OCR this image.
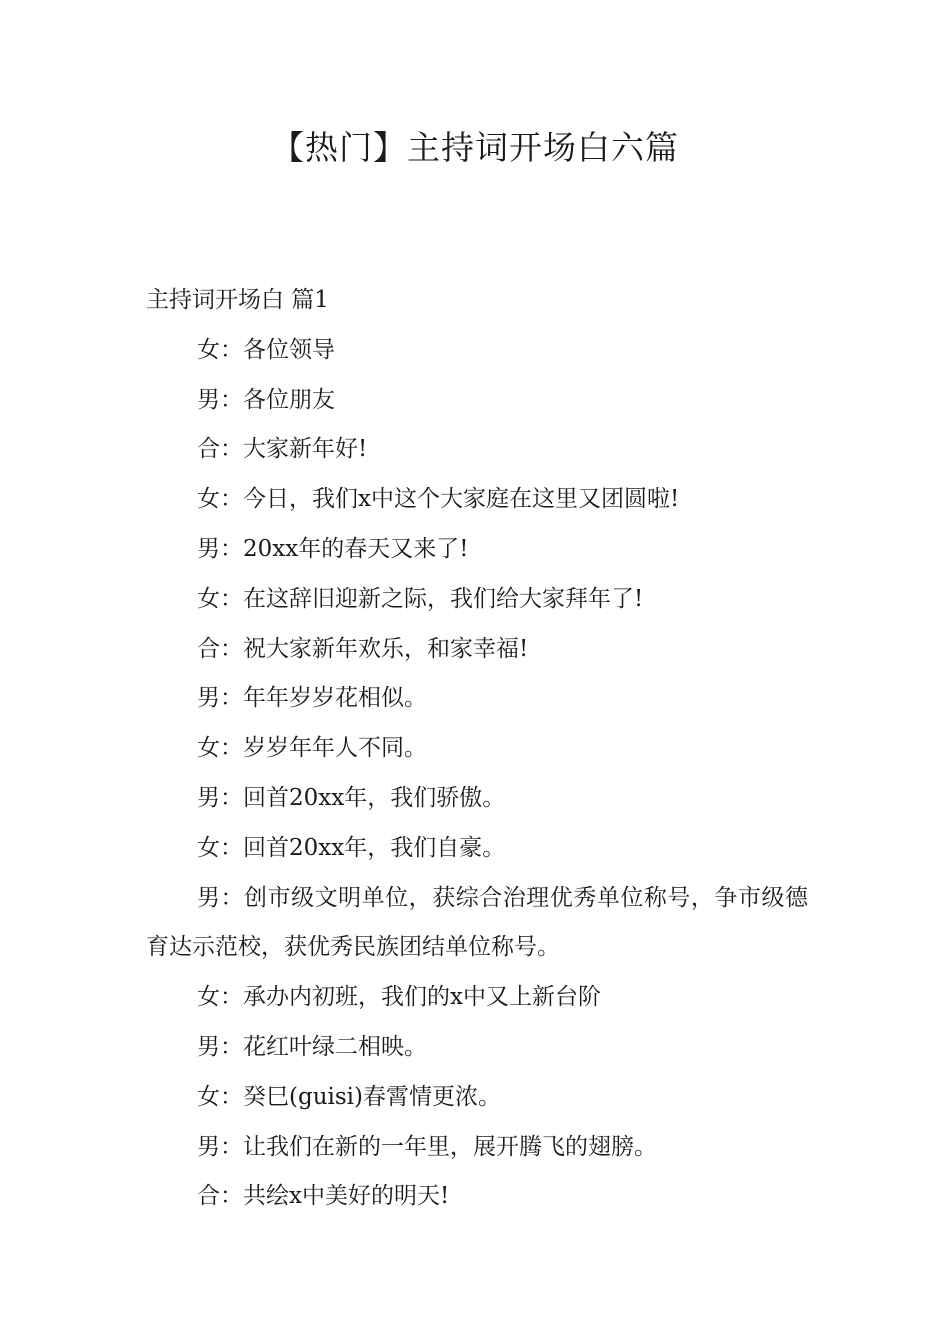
【热门】主持词开场白六篇
主持词开场白 篇1

女：各位领导

男：各位朋友

合：大家新年好!

女：今日，我们x中这个大家庭在这里又团圆啦!

男：20xx年的春天又来了!

女：在这辞旧迎新之际，我们给大家拜年了!

合：祝大家新年欢乐，和家幸福!

男：年年岁岁花相似。

女：岁岁年年人不同。

男：回首20xx年，我们骄傲。

女：回首20xx年，我们自豪。

男：创市级文明单位，获综合治理优秀单位称号，争市级德育达示范校，获优秀民族团结单位称号。

女：承办内初班，我们的x中又上新台阶

男：花红叶绿二相映。

女：癸巳(guisi)春霄情更浓。

男：让我们在新的一年里，展开腾飞的翅膀。

合：共绘x中美好的明天!
